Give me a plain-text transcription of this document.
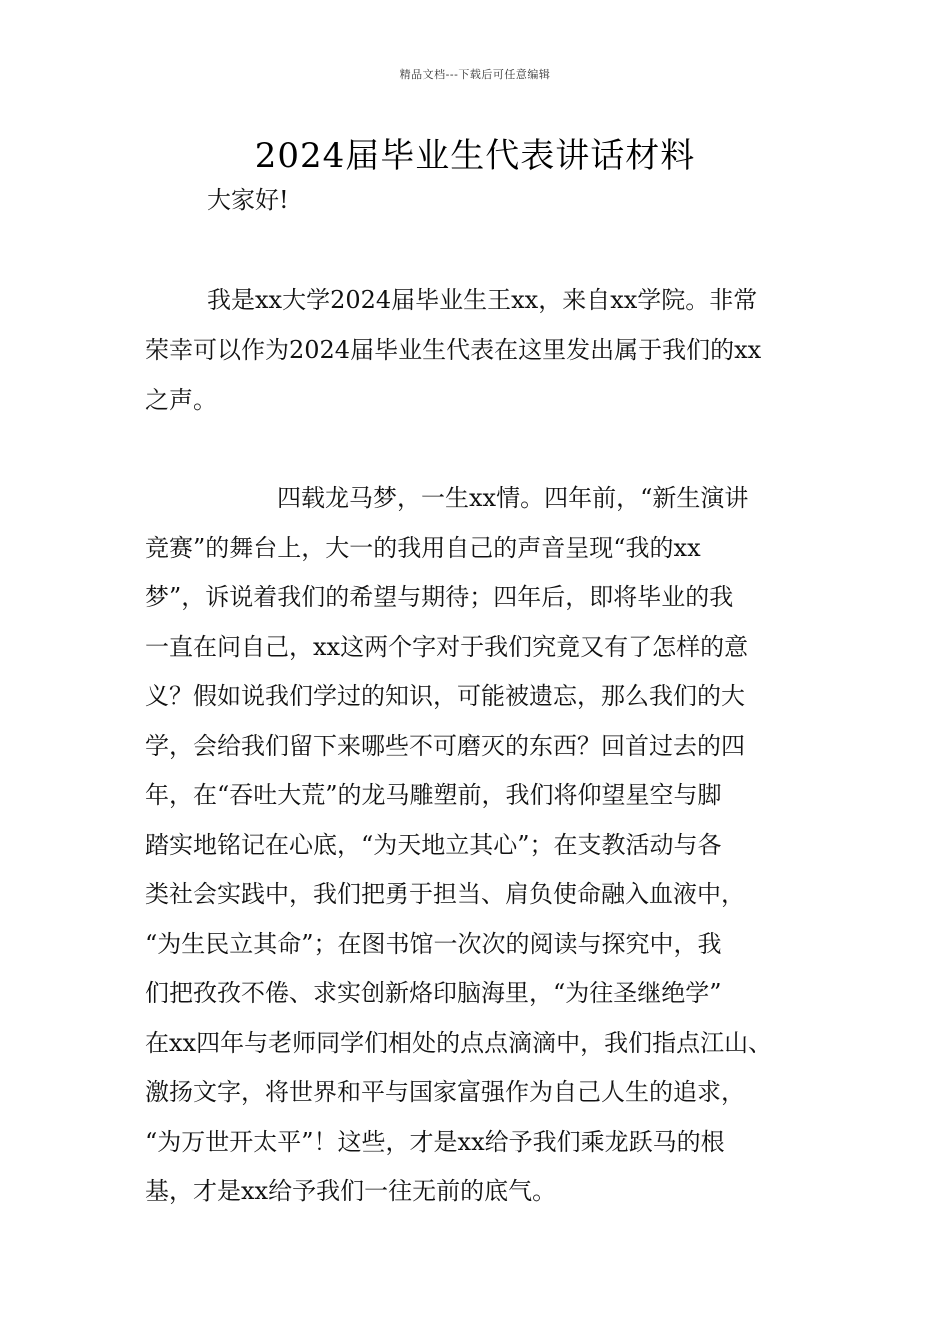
精品文档---下载后可任意编辑
2024届毕业生代表讲话材料
大家好!
我是xx大学2024届毕业生王xx，来自xx学院。非常
荣幸可以作为2024届毕业生代表在这里发出属于我们的xx
之声。
四载龙马梦，一生xx情。四年前，“新生演讲
竞赛”的舞台上，大一的我用自己的声音呈现“我的xx
梦”，诉说着我们的希望与期待；四年后，即将毕业的我
一直在问自己，xx这两个字对于我们究竟又有了怎样的意
义？假如说我们学过的知识，可能被遗忘，那么我们的大
学，会给我们留下来哪些不可磨灭的东西？回首过去的四
年，在“吞吐大荒”的龙马雕塑前，我们将仰望星空与脚
踏实地铭记在心底，“为天地立其心”；在支教活动与各
类社会实践中，我们把勇于担当、肩负使命融入血液中，
“为生民立其命”；在图书馆一次次的阅读与探究中，我
们把孜孜不倦、求实创新烙印脑海里，“为往圣继绝学”
在xx四年与老师同学们相处的点点滴滴中，我们指点江山、
激扬文字，将世界和平与国家富强作为自己人生的追求，
“为万世开太平”！这些，才是xx给予我们乘龙跃马的根
基，才是xx给予我们一往无前的底气。
